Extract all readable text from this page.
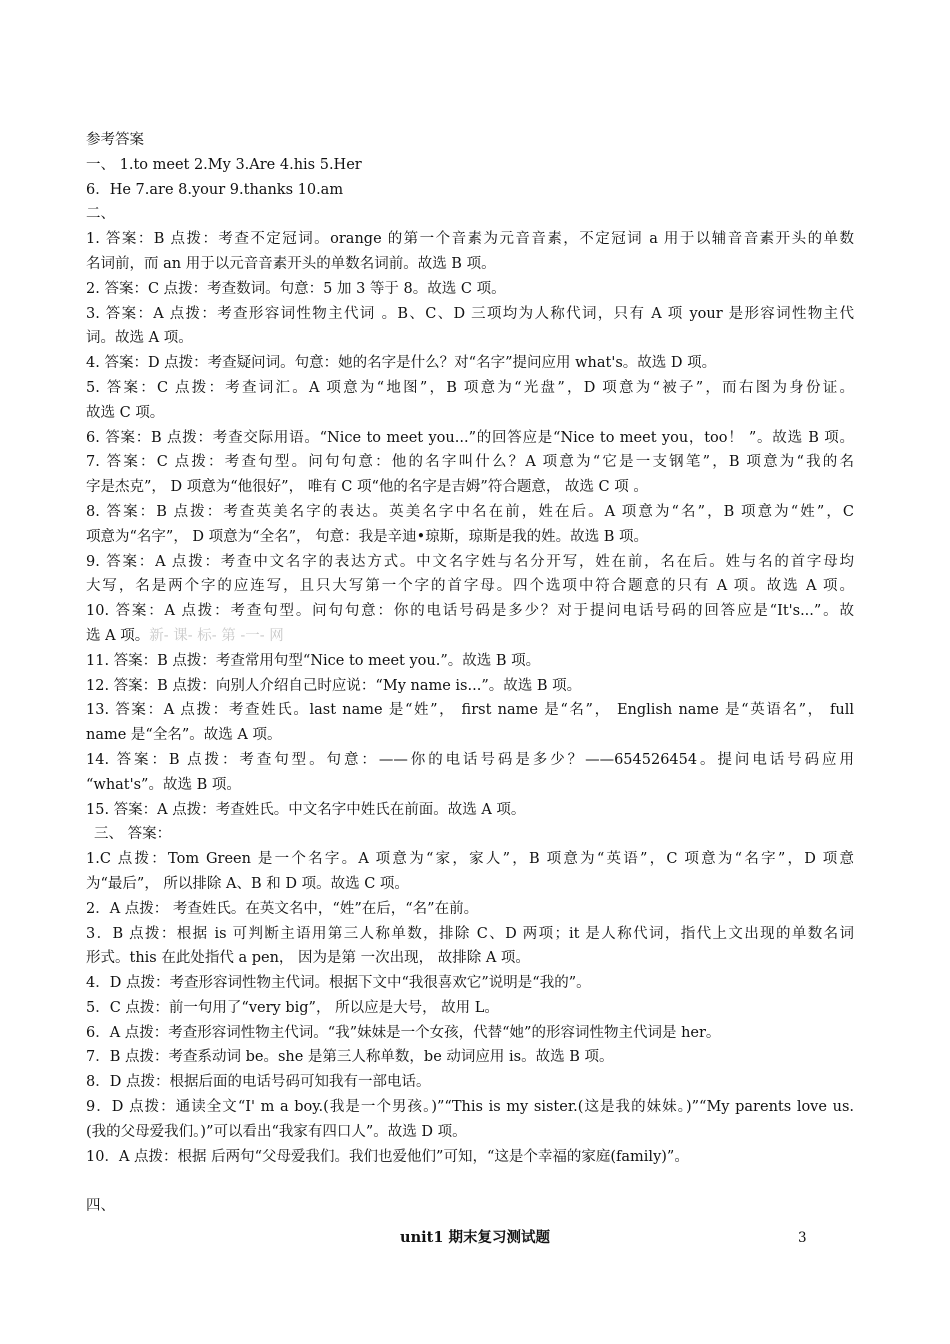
参考答案
一、 1.to meet 2.My 3.Are 4.his 5.Her
6．He 7.are 8.your 9.thanks 10.am
二、
1. 答案：B 点拨：考查不定冠词。orange 的第一个音素为元音音素，不定冠词 a 用于以辅音音素开头的单数
名词前，而 an 用于以元音音素开头的单数名词前。故选 B 项。
2. 答案：C 点拨：考查数词。句意：5 加 3 等于 8。故选 C 项。
3. 答案：A 点拨：考查形容词性物主代词 。B、C、D 三项均为人称代词，只有 A 项 your 是形容词性物主代
词。故选 A 项。
4. 答案：D 点拨：考查疑问词。句意：她的名字是什么？对“名字”提问应用 what's。故选 D 项。
5. 答案：C 点拨：考查词汇。A 项意为“地图”，B 项意为“光盘”，D 项意为“被子”，而右图为身份证。
故选 C 项。
6. 答案：B 点拨：考查交际用语。“Nice to meet you...”的回答应是“Nice to meet you，too！ ”。故选 B 项。
7. 答案：C 点拨：考查句型。问句句意：他的名字叫什么？A 项意为“它是一支钢笔”，B 项意为“我的名
字是杰克”， D 项意为“他很好”， 唯有 C 项“他的名字是吉姆”符合题意， 故选 C 项 。
8. 答案：B 点拨：考查英美名字的表达。英美名字中名在前，姓在后。A 项意为“名”，B 项意为“姓”，C
项意为“名字”， D 项意为“全名”， 句意：我是辛迪•琼斯，琼斯是我的姓。故选 B 项。
9. 答案：A 点拨：考查中文名字的表达方式。中文名字姓与名分开写，姓在前，名在后。姓与名的首字母均
大写，名是两个字的应连写，且只大写第一个字的首字母。四个选项中符合题意的只有 A 项。故选 A 项。
10. 答案：A 点拨：考查句型。问句句意：你的电话号码是多少？对于提问电话号码的回答应是“It's...”。故
选 A 项。新- 课- 标- 第 -一- 网
11. 答案：B 点拨：考查常用句型“Nice to meet you.”。故选 B 项。
12. 答案：B 点拨：向别人介绍自己时应说：“My name is...”。故选 B 项。
13. 答案：A 点拨：考查姓氏。last name 是“姓”， first name 是“名”， English name 是“英语名”， full
name 是“全名”。故选 A 项。
14. 答案：B 点拨：考查句型。句意：——你的电话号码是多少？——654526454。提问电话号码应用
“what's”。故选 B 项。
15. 答案：A 点拨：考查姓氏。中文名字中姓氏在前面。故选 A 项。
三、 答案：
1.C 点拨：Tom Green 是一个名字。A 项意为“家，家人”，B 项意为“英语”，C 项意为“名字”，D 项意
为“最后”， 所以排除 A、B 和 D 项。故选 C 项。
2．A 点拨： 考查姓氏。在英文名中，“姓”在后，“名”在前。
3．B 点拨：根据 is 可判断主语用第三人称单数，排除 C、D 两项；it 是人称代词，指代上文出现的单数名词
形式。this 在此处指代 a pen， 因为是第 一次出现， 故排除 A 项。
4．D 点拨：考查形容词性物主代词。根据下文中“我很喜欢它”说明是“我的”。
5．C 点拨：前一句用了“very big”， 所以应是大号， 故用 L。
6．A 点拨：考查形容词性物主代词。“我”妹妹是一个女孩，代替“她”的形容词性物主代词是 her。
7．B 点拨：考查系动词 be。she 是第三人称单数，be 动词应用 is。故选 B 项。
8．D 点拨：根据后面的电话号码可知我有一部电话。
9．D 点拨：通读全文“I' m a boy.(我是一个男孩。)”“This is my sister.(这是我的妹妹。)”“My parents love us.
(我的父母爱我们。)”可以看出“我家有四口人”。故选 D 项。
10．A 点拨：根据 后两句“父母爱我们。我们也爱他们”可知，“这是个幸福的家庭(family)”。
四、
unit1 期末复习测试题	3
